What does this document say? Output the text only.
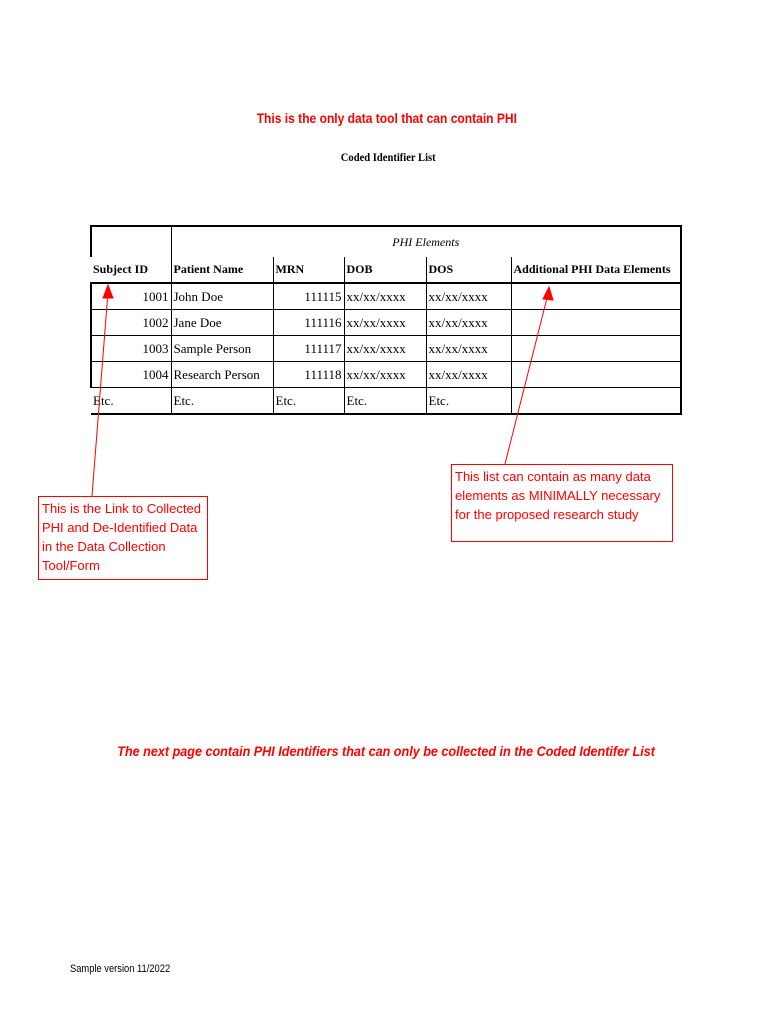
This is the only data tool that can contain PHI
Coded Identifier List
	PHI Elements				
Subject ID	Patient Name	MRN	DOB	DOS	Additional PHI Data Elements
1001	John Doe	111115	xx/xx/xxxx	xx/xx/xxxx	
1002	Jane Doe	111116	xx/xx/xxxx	xx/xx/xxxx	
1003	Sample Person	111117	xx/xx/xxxx	xx/xx/xxxx	
1004	Research Person	111118	xx/xx/xxxx	xx/xx/xxxx	
Etc.	Etc.	Etc.	Etc.	Etc.	
This is the Link to Collected PHI and De-Identified Data in the Data Collection Tool/Form
This list can contain as many data elements as MINIMALLY necessary for the proposed research study
The next page contain PHI Identifiers that can only be collected in the Coded Identifer List
Sample version 11/2022
